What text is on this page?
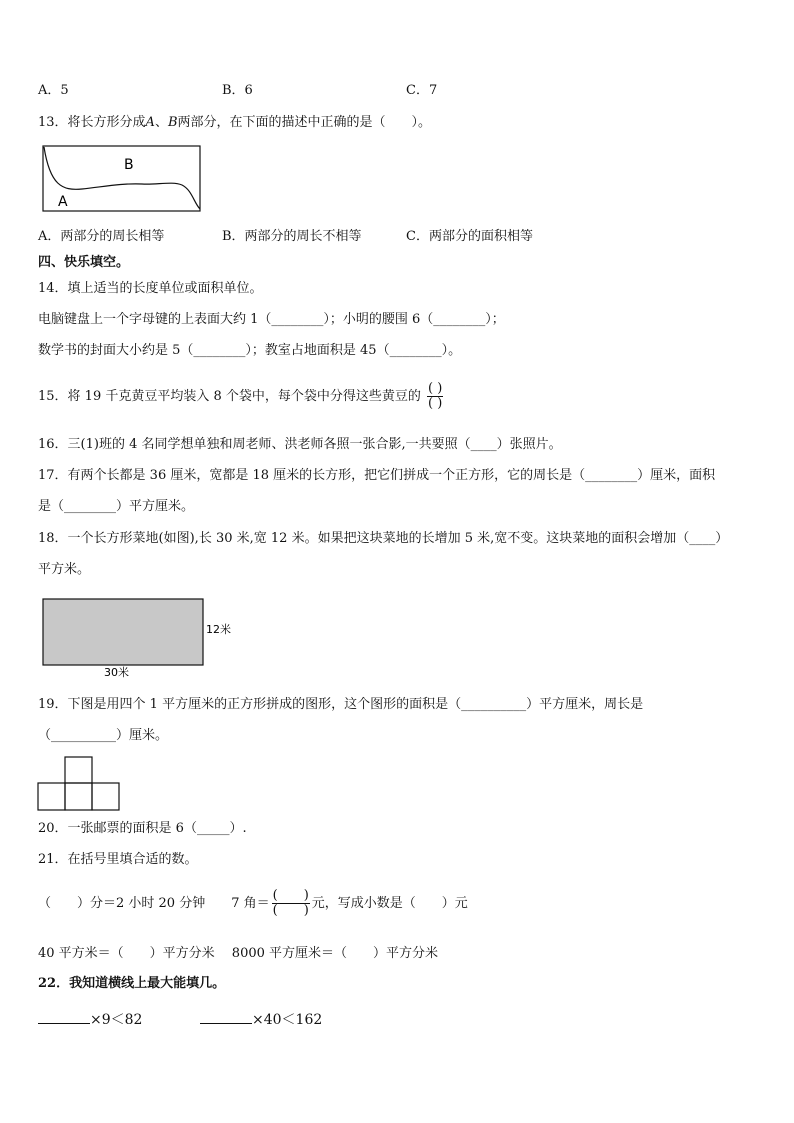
A．5	B．6	C．7
13．将长方形分成A、B两部分，在下面的描述中正确的是（　　）。
B
A
A．两部分的周长相等	B．两部分的周长不相等	C．两部分的面积相等
四、快乐填空。
14．填上适当的长度单位或面积单位。
电脑键盘上一个字母键的上表面大约 1（________）；小明的腰围 6（________）；
数学书的封面大小约是 5（________）；教室占地面积是 45（________）。
15．将 19 千克黄豆平均装入 8 个袋中，每个袋中分得这些黄豆的 $\frac{( )}{( )}$
16．三(1)班的 4 名同学想单独和周老师、洪老师各照一张合影,一共要照（____）张照片。
17．有两个长都是 36 厘米，宽都是 18 厘米的长方形，把它们拼成一个正方形，它的周长是（________）厘米，面积
是（________）平方厘米。
18．一个长方形菜地(如图),长 30 米,宽 12 米。如果把这块菜地的长增加 5 米,宽不变。这块菜地的面积会增加（____）
平方米。
12米
30米
19．下图是用四个 1 平方厘米的正方形拼成的图形，这个图形的面积是（__________）平方厘米，周长是
（__________）厘米。
20．一张邮票的面积是 6（_____）.
21．在括号里填合适的数。
（　　）分＝2 小时 20 分钟　　7 角＝ $\frac{( )}{( )}$ 元，写成小数是（　　）元
40 平方米＝（　　）平方分米　 8000 平方厘米＝（　　）平方分米
22．我知道横线上最大能填几。
×9＜82	×40＜162
